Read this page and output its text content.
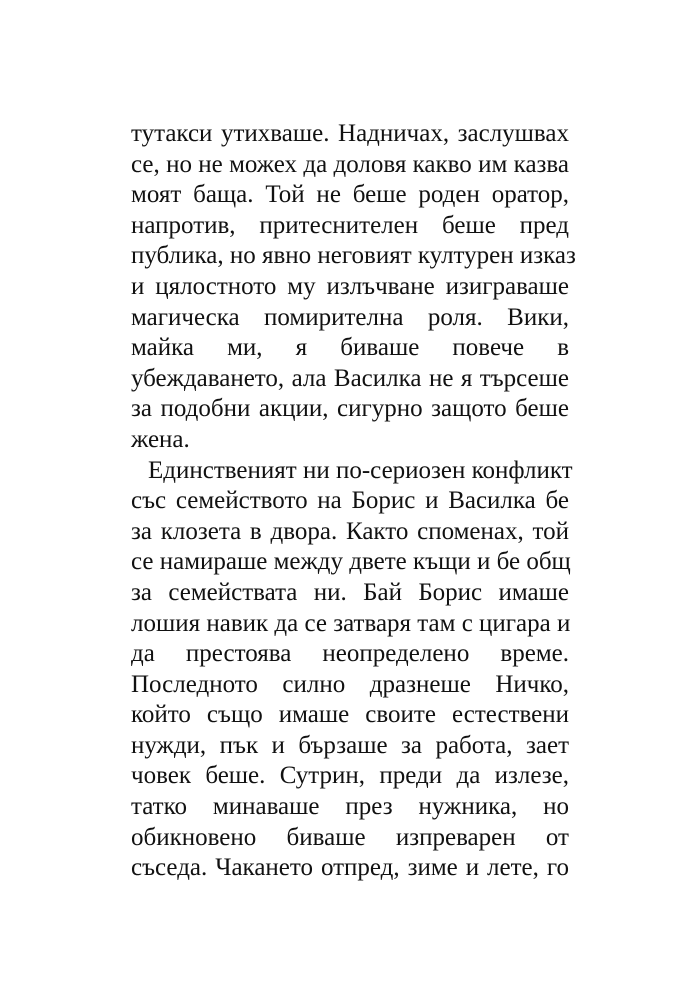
тутакси утихваше. Надничах, заслушвах
се, но не можех да доловя какво им казва
моят баща. Той не беше роден оратор,
напротив, притеснителен беше пред
публика, но явно неговият културен изказ
и цялостното му излъчване изиграваше
магическа помирителна роля. Вики,
майка ми, я биваше повече в
убеждаването, ала Василка не я търсеше
за подобни акции, сигурно защото беше
жена.
Единственият ни по-сериозен конфликт
със семейството на Борис и Василка бе
за клозета в двора. Както споменах, той
се намираше между двете къщи и бе общ
за семействата ни. Бай Борис имаше
лошия навик да се затваря там с цигара и
да престоява неопределено време.
Последното силно дразнеше Ничко,
който също имаше своите естествени
нужди, пък и бързаше за работа, зает
човек беше. Сутрин, преди да излезе,
татко минаваше през нужника, но
обикновено биваше изпреварен от
съседа. Чакането отпред, зиме и лете, го
